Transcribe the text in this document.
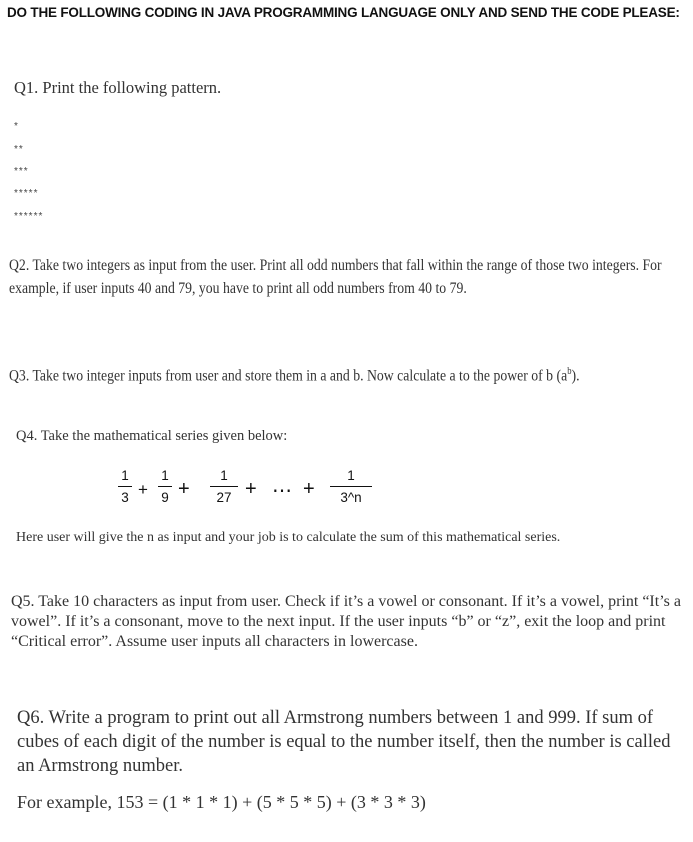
DO THE FOLLOWING CODING IN JAVA PROGRAMMING LANGUAGE ONLY AND SEND THE CODE PLEASE:
Q1. Print the following pattern.
*
**
***
*****
******
Q2. Take two integers as input from the user. Print all odd numbers that fall within the range of those two integers. For example, if user inputs 40 and 79, you have to print all odd numbers from 40 to 79.
Q3. Take two integer inputs from user and store them in a and b. Now calculate a to the power of b $(a^b)$.
Q4. Take the mathematical series given below:
1
3 +
1
9 +
1
27 + ⋯ +
1
3^n
Here user will give the n as input and your job is to calculate the sum of this mathematical series.
Q5. Take 10 characters as input from user. Check if it’s a vowel or consonant. If it’s a vowel, print “It’s a vowel”. If it’s a consonant, move to the next input. If the user inputs “b” or “z”, exit the loop and print “Critical error”. Assume user inputs all characters in lowercase.
Q6. Write a program to print out all Armstrong numbers between 1 and 999. If sum of cubes of each digit of the number is equal to the number itself, then the number is called an Armstrong number.
For example, 153 = (1 * 1 * 1) + (5 * 5 * 5) + (3 * 3 * 3)
